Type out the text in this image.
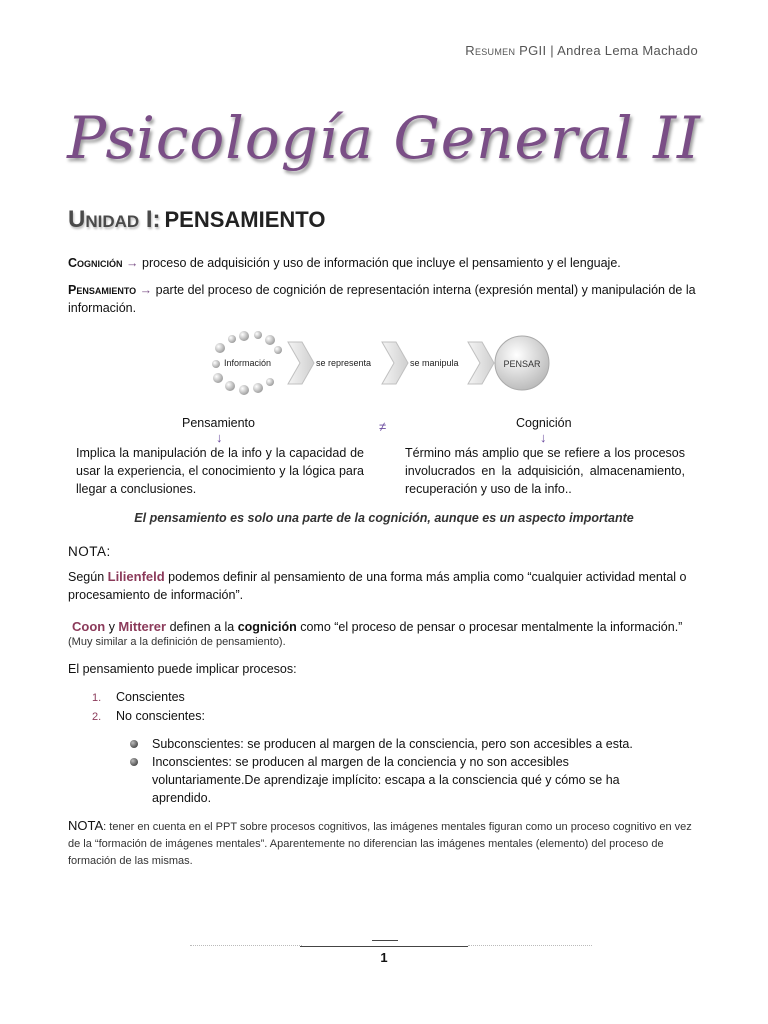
Resumen PGII | Andrea Lema Machado
Psicología General II
Unidad I: PENSAMIENTO
Cognición → proceso de adquisición y uso de información que incluye el pensamiento y el lenguaje.
Pensamiento → parte del proceso de cognición de representación interna (expresión mental) y manipulación de la información.
Información	se representa	se manipula	PENSAR
Pensamiento
↓
Implica la manipulación de la info y la capacidad de usar la experiencia, el conocimiento y la lógica para llegar a conclusiones.
≠	Cognición
↓
Término más amplio que se refiere a los procesos involucrados en la adquisición, almacenamiento, recuperación y uso de la info..
El pensamiento es solo una parte de la cognición, aunque es un aspecto importante
NOTA:
Según Lilienfeld podemos definir al pensamiento de una forma más amplia como “cualquier actividad mental o procesamiento de información”.
Coon y Mitterer definen a la cognición como “el proceso de pensar o procesar mentalmente la información.”
(Muy similar a la definición de pensamiento).
El pensamiento puede implicar procesos:
1. Conscientes
2. No conscientes:
Subconscientes: se producen al margen de la consciencia, pero son accesibles a esta.
Inconscientes: se producen al margen de la conciencia y no son accesibles voluntariamente.De aprendizaje implícito: escapa a la consciencia qué y cómo se ha aprendido.
NOTA: tener en cuenta en el PPT sobre procesos cognitivos, las imágenes mentales figuran como un proceso cognitivo en vez de la “formación de imágenes mentales”. Aparentemente no diferencian las imágenes mentales (elemento) del proceso de formación de las mismas.
1
